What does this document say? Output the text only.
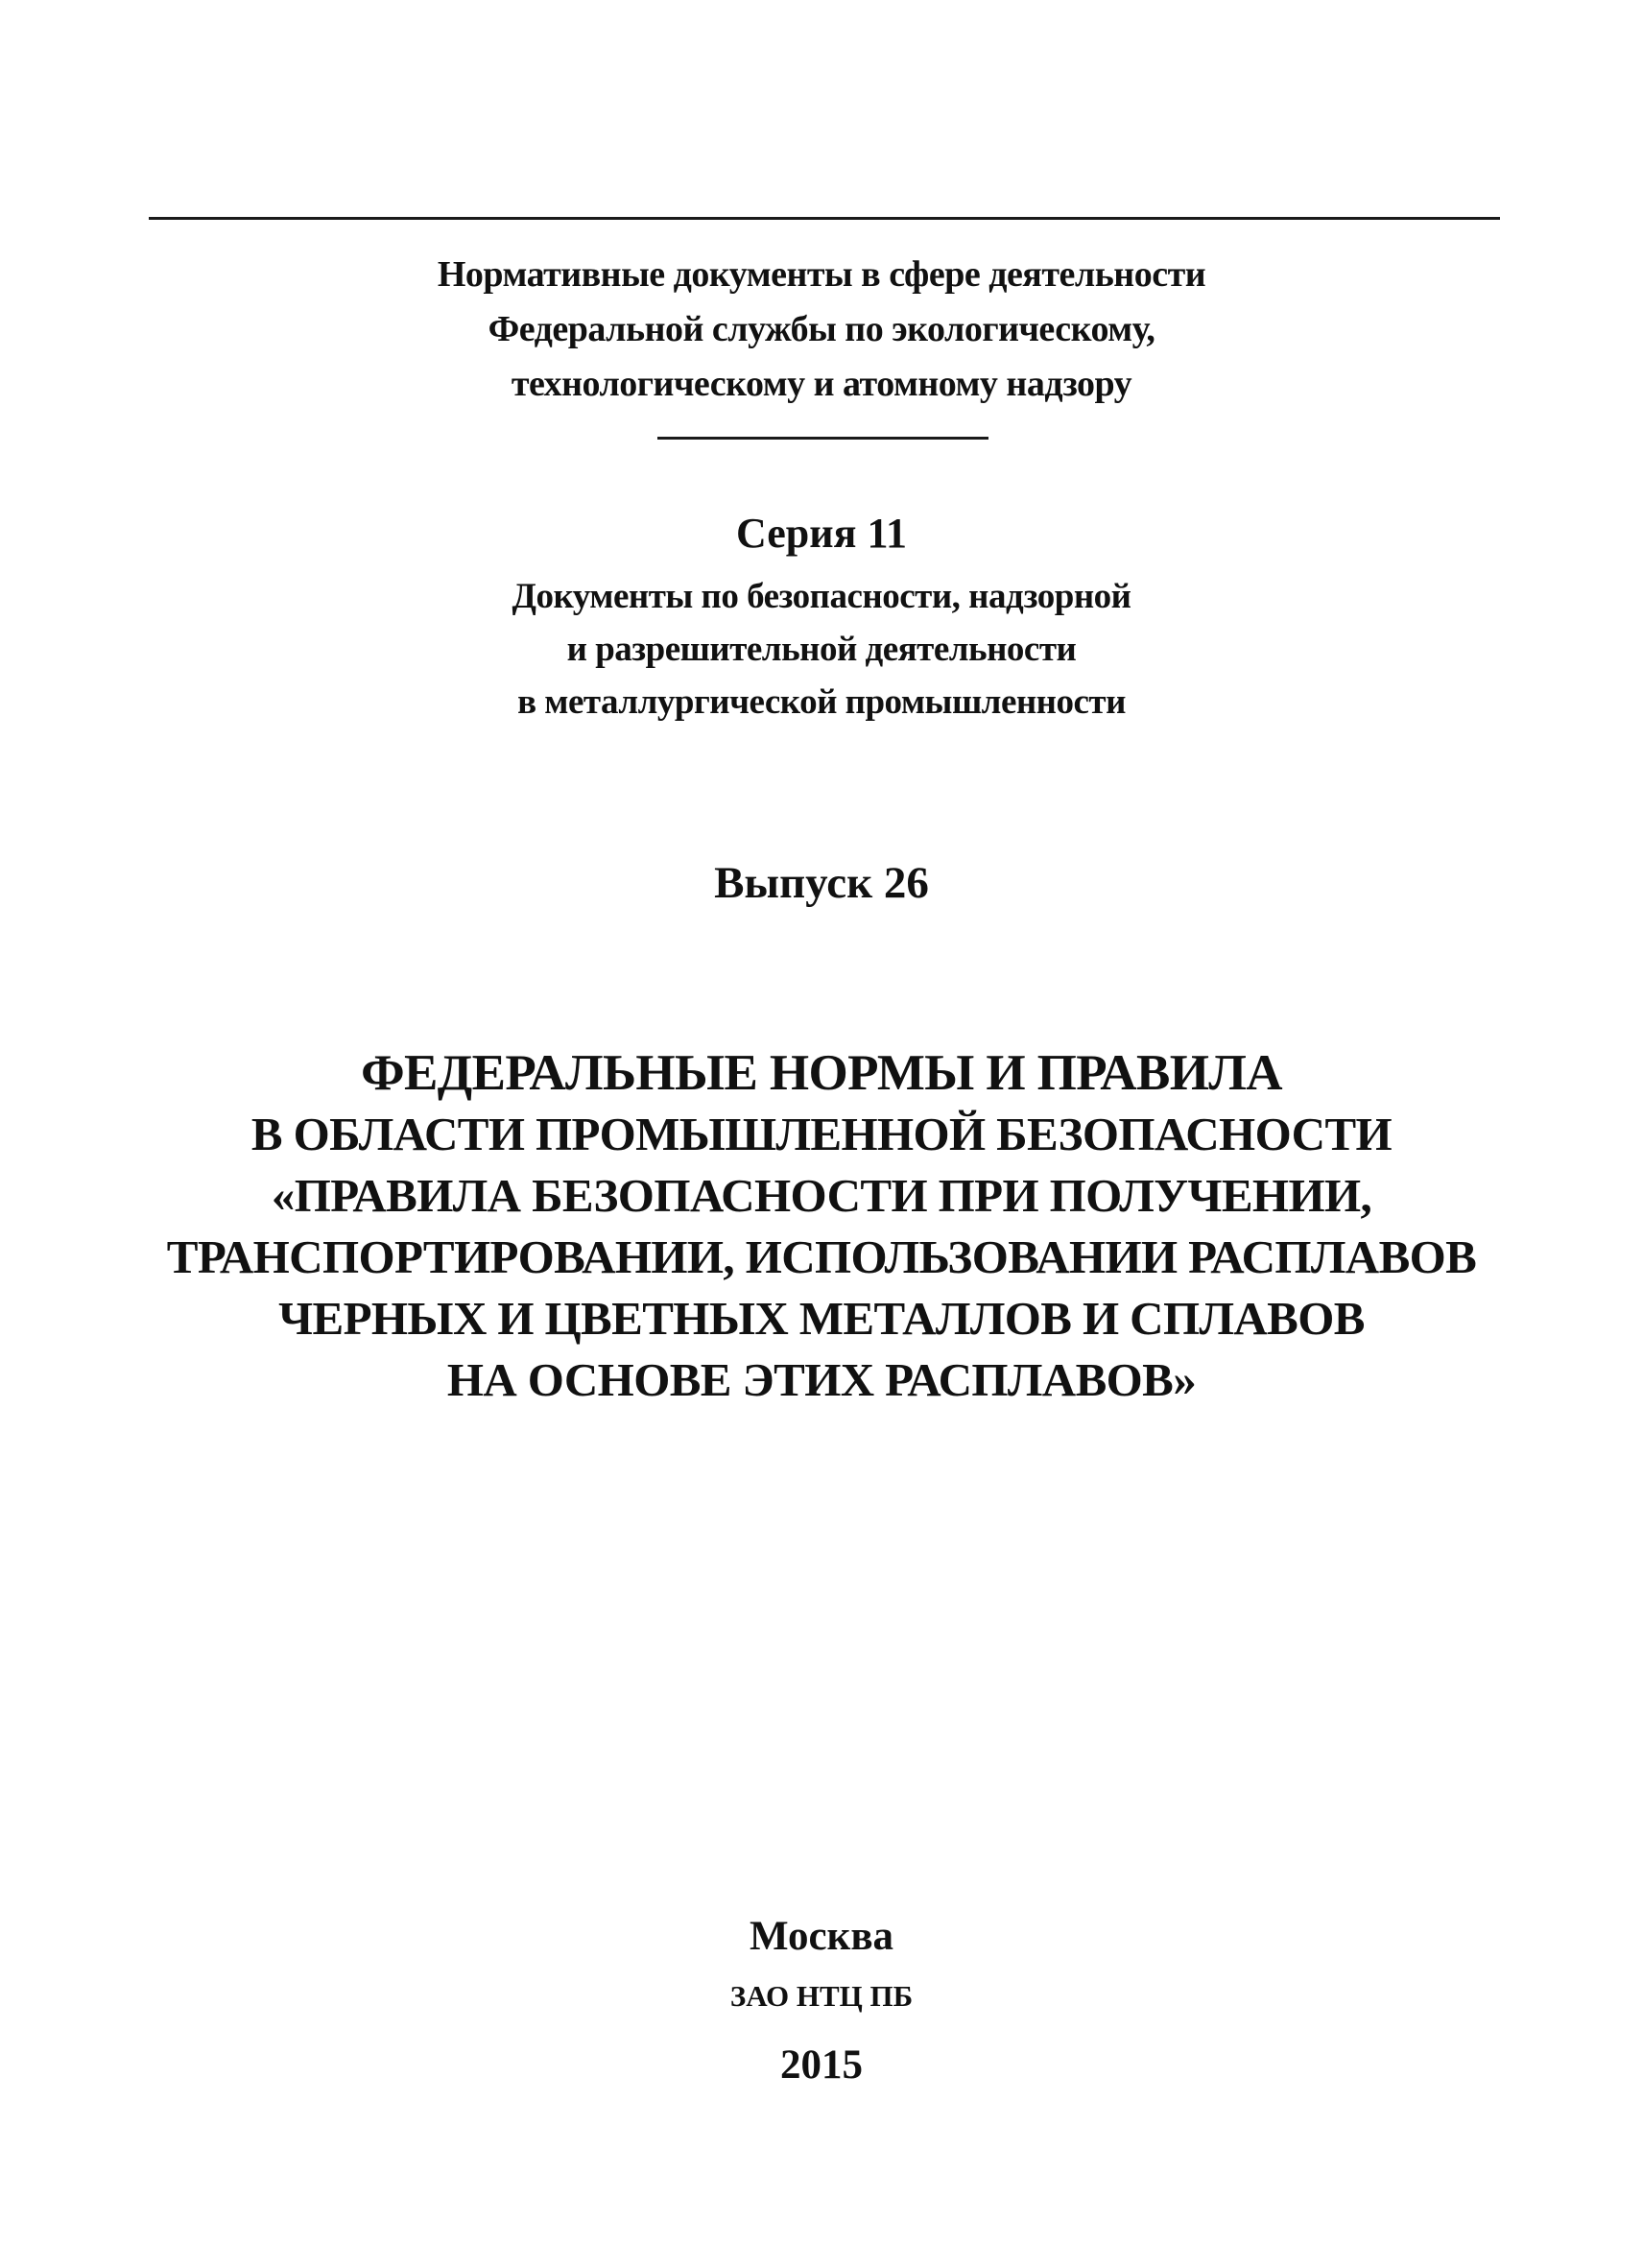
Нормативные документы в сфере деятельности
Федеральной службы по экологическому,
технологическому и атомному надзору
Серия 11
Документы по безопасности, надзорной
и разрешительной деятельности
в металлургической промышленности
Выпуск 26
ФЕДЕРАЛЬНЫЕ НОРМЫ И ПРАВИЛА
В ОБЛАСТИ ПРОМЫШЛЕННОЙ БЕЗОПАСНОСТИ
«ПРАВИЛА БЕЗОПАСНОСТИ ПРИ ПОЛУЧЕНИИ,
ТРАНСПОРТИРОВАНИИ, ИСПОЛЬЗОВАНИИ РАСПЛАВОВ
ЧЕРНЫХ И ЦВЕТНЫХ МЕТАЛЛОВ И СПЛАВОВ
НА ОСНОВЕ ЭТИХ РАСПЛАВОВ»
Москва
ЗАО НТЦ ПБ
2015
